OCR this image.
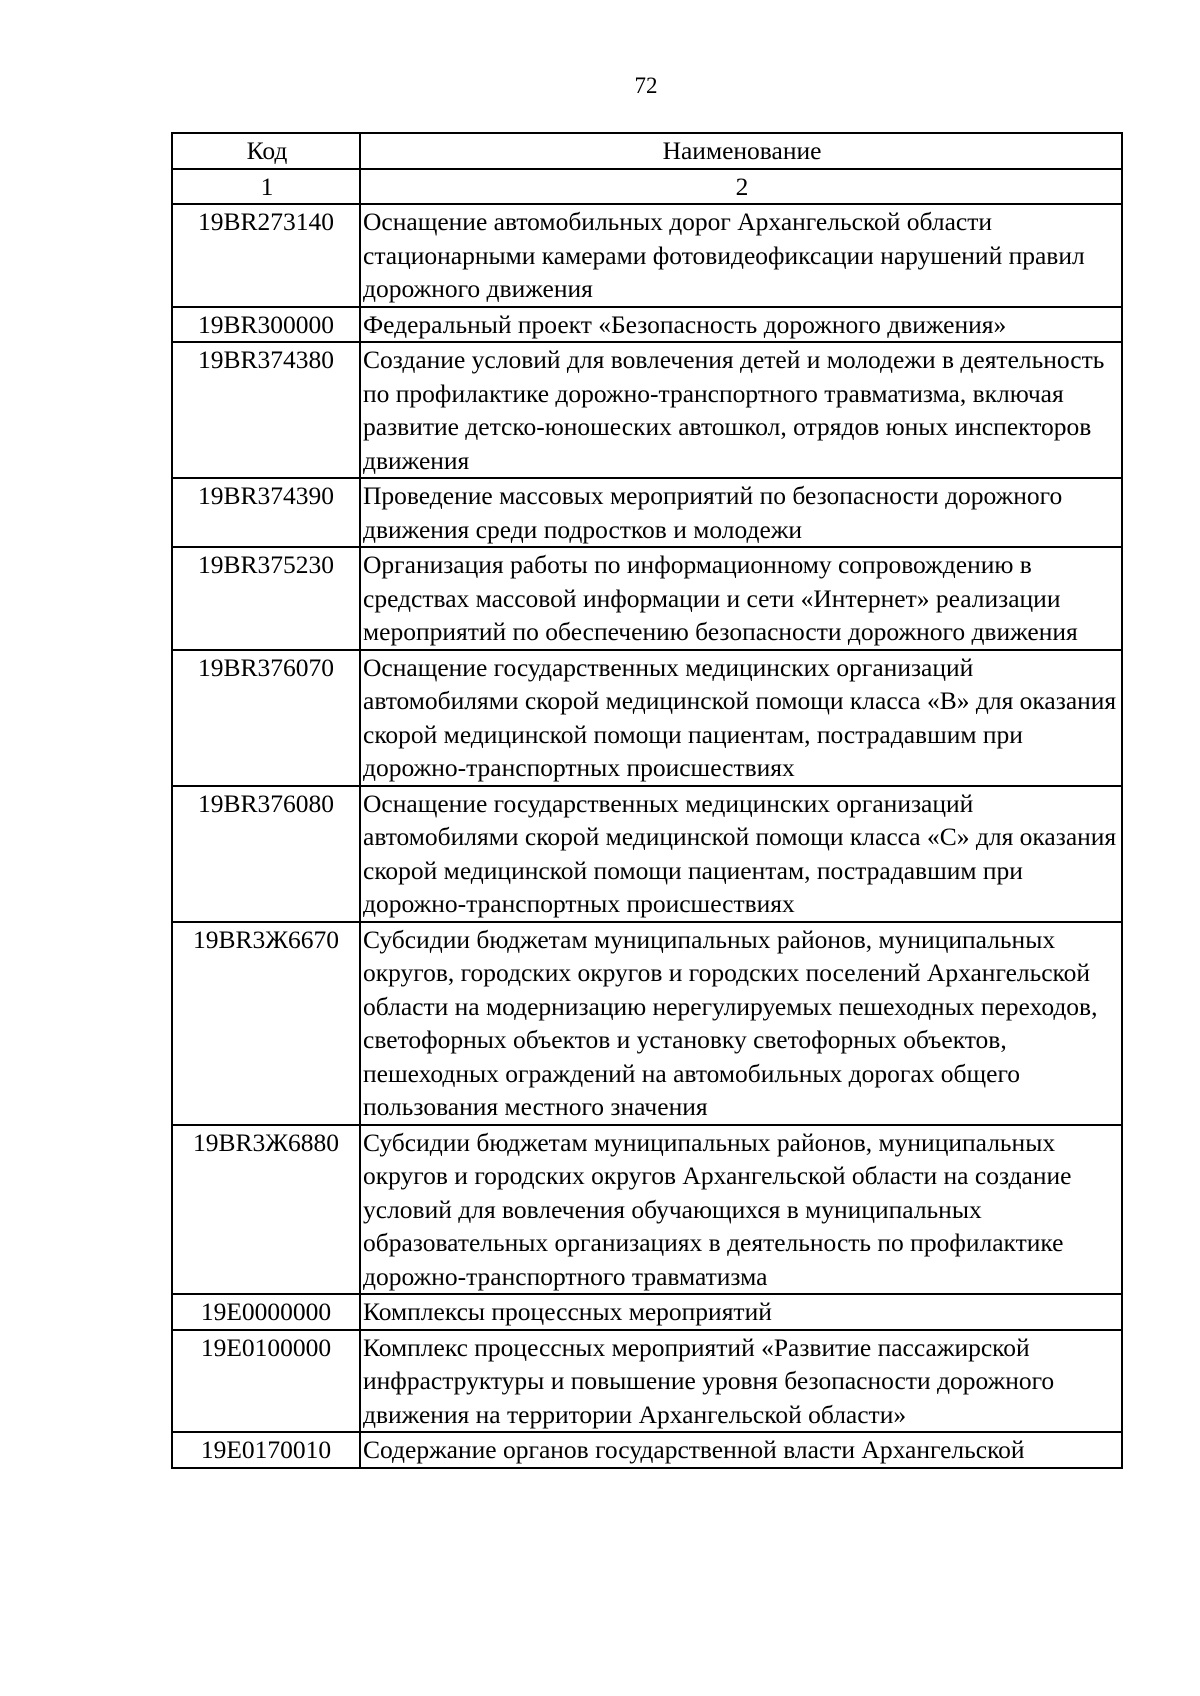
72
Код	Наименование
1	2
19BR273140	Оснащение автомобильных дорог Архангельской области стационарными камерами фотовидеофиксации нарушений правил дорожного движения
19BR300000	Федеральный проект «Безопасность дорожного движения»
19BR374380	Создание условий для вовлечения детей и молодежи в деятельность по профилактике дорожно-транспортного травматизма, включая развитие детско-юношеских автошкол, отрядов юных инспекторов движения
19BR374390	Проведение массовых мероприятий по безопасности дорожного движения среди подростков и молодежи
19BR375230	Организация работы по информационному сопровождению в средствах массовой информации и сети «Интернет» реализации мероприятий по обеспечению безопасности дорожного движения
19BR376070	Оснащение государственных медицинских организаций автомобилями скорой медицинской помощи класса «В» для оказания скорой медицинской помощи пациентам, пострадавшим при дорожно-транспортных происшествиях
19BR376080	Оснащение государственных медицинских организаций автомобилями скорой медицинской помощи класса «С» для оказания скорой медицинской помощи пациентам, пострадавшим при дорожно-транспортных происшествиях
19BR3Ж6670	Субсидии бюджетам муниципальных районов, муниципальных округов, городских округов и городских поселений Архангельской области на модернизацию нерегулируемых пешеходных переходов, светофорных объектов и установку светофорных объектов, пешеходных ограждений на автомобильных дорогах общего пользования местного значения
19BR3Ж6880	Субсидии бюджетам муниципальных районов, муниципальных округов и городских округов Архангельской области на создание условий для вовлечения обучающихся в муниципальных образовательных организациях в деятельность по профилактике дорожно-транспортного травматизма
19Е0000000	Комплексы процессных мероприятий
19Е0100000	Комплекс процессных мероприятий «Развитие пассажирской инфраструктуры и повышение уровня безопасности дорожного движения на территории Архангельской области»
19Е0170010	Содержание органов государственной власти Архангельской
